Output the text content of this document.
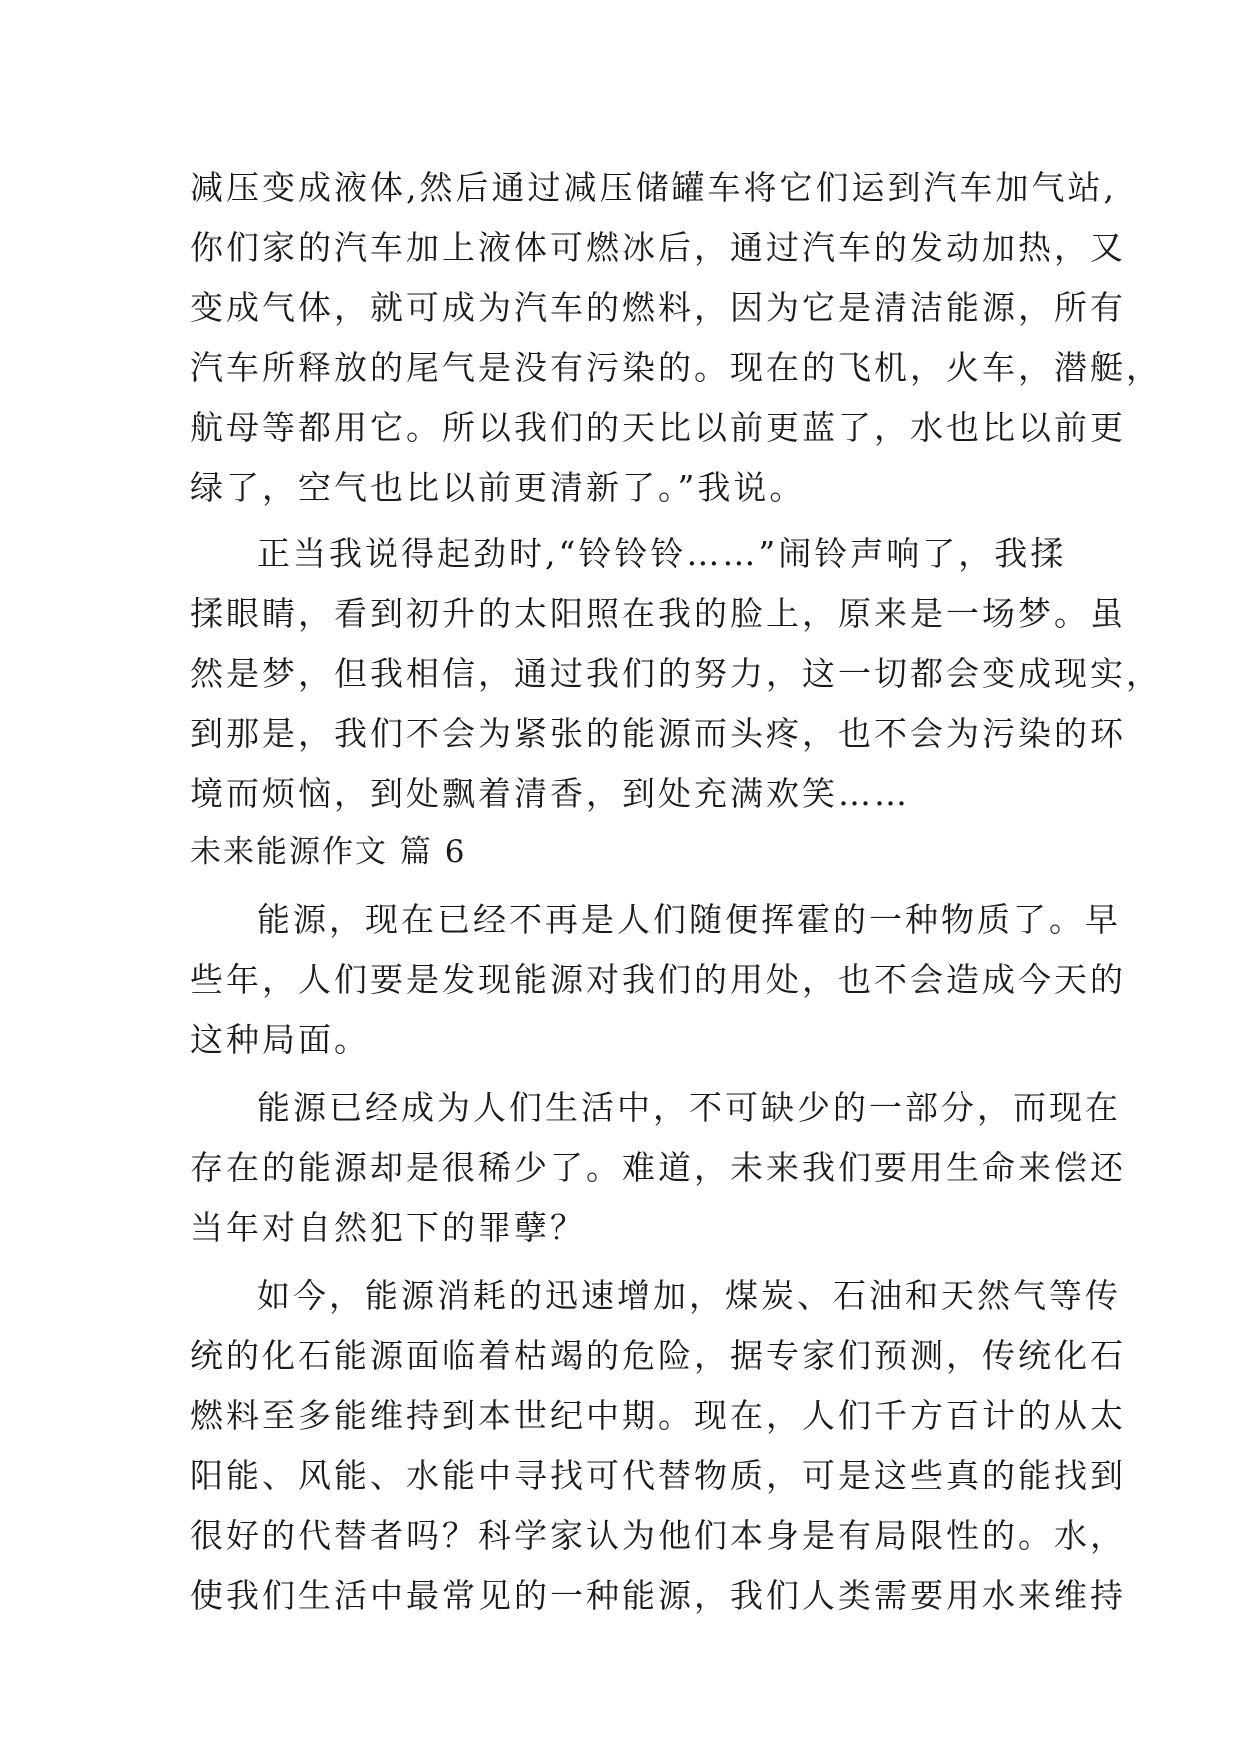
减压变成液体,然后通过减压储罐车将它们运到汽车加气站,
你们家的汽车加上液体可燃冰后，通过汽车的发动加热，又
变成气体，就可成为汽车的燃料，因为它是清洁能源，所有
汽车所释放的尾气是没有污染的。现在的飞机，火车，潜艇，
航母等都用它。所以我们的天比以前更蓝了，水也比以前更
绿了，空气也比以前更清新了。”我说。
正当我说得起劲时,“铃铃铃……”闹铃声响了，我揉
揉眼睛，看到初升的太阳照在我的脸上，原来是一场梦。虽
然是梦，但我相信，通过我们的努力，这一切都会变成现实，
到那是，我们不会为紧张的能源而头疼，也不会为污染的环
境而烦恼，到处飘着清香，到处充满欢笑……
未来能源作文 篇 6
能源，现在已经不再是人们随便挥霍的一种物质了。早
些年，人们要是发现能源对我们的用处，也不会造成今天的
这种局面。
能源已经成为人们生活中，不可缺少的一部分，而现在
存在的能源却是很稀少了。难道，未来我们要用生命来偿还
当年对自然犯下的罪孽？
如今，能源消耗的迅速增加，煤炭、石油和天然气等传
统的化石能源面临着枯竭的危险，据专家们预测，传统化石
燃料至多能维持到本世纪中期。现在，人们千方百计的从太
阳能、风能、水能中寻找可代替物质，可是这些真的能找到
很好的代替者吗？科学家认为他们本身是有局限性的。水，
使我们生活中最常见的一种能源，我们人类需要用水来维持
